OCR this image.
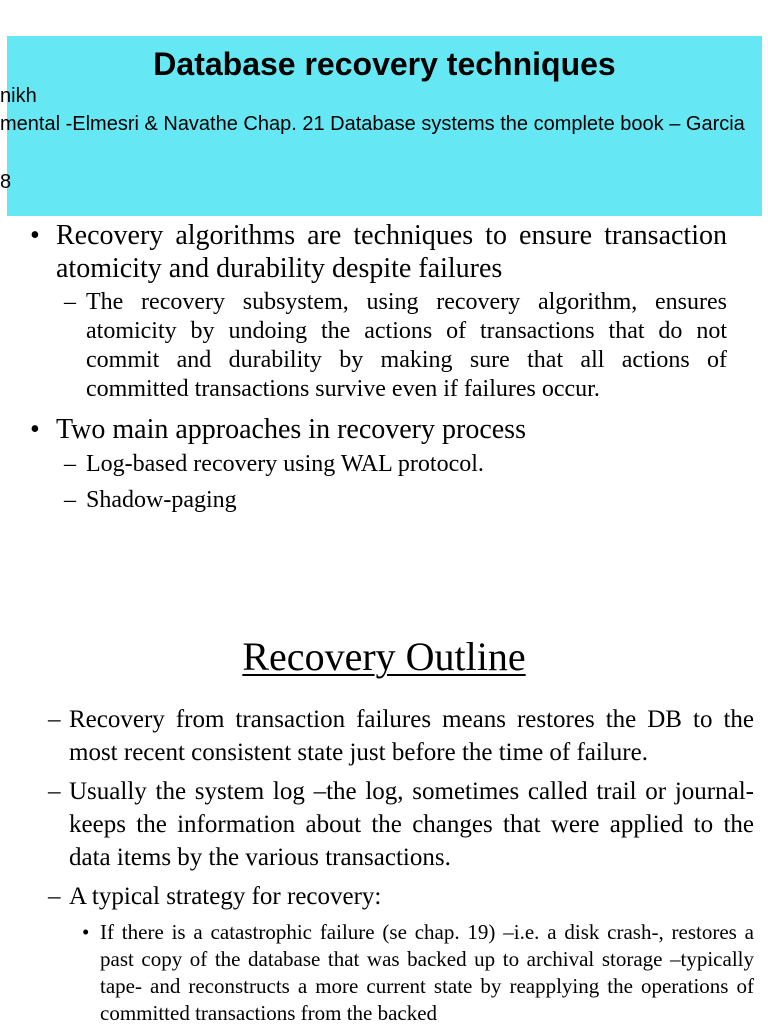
Database recovery techniques
nikh
mental -Elmesri & Navathe Chap. 21 Database systems the complete book – Garcia
8
• Recovery algorithms are techniques to ensure transaction atomicity and durability despite failures
– The recovery subsystem, using recovery algorithm, ensures atomicity by undoing the actions of transactions that do not commit and durability by making sure that all actions of committed transactions survive even if failures occur.
• Two main approaches in recovery process
– Log-based recovery using WAL protocol.
– Shadow-paging
Recovery Outline
– Recovery from transaction failures means restores the DB to the most recent consistent state just before the time of failure.
– Usually the system log –the log, sometimes called trail or journal- keeps the information about the changes that were applied to the data items by the various transactions.
– A typical strategy for recovery:
• If there is a catastrophic failure (se chap. 19) –i.e. a disk crash-, restores a past copy of the database that was backed up to archival storage –typically tape- and reconstructs a more current state by reapplying the operations of committed transactions from the backed
